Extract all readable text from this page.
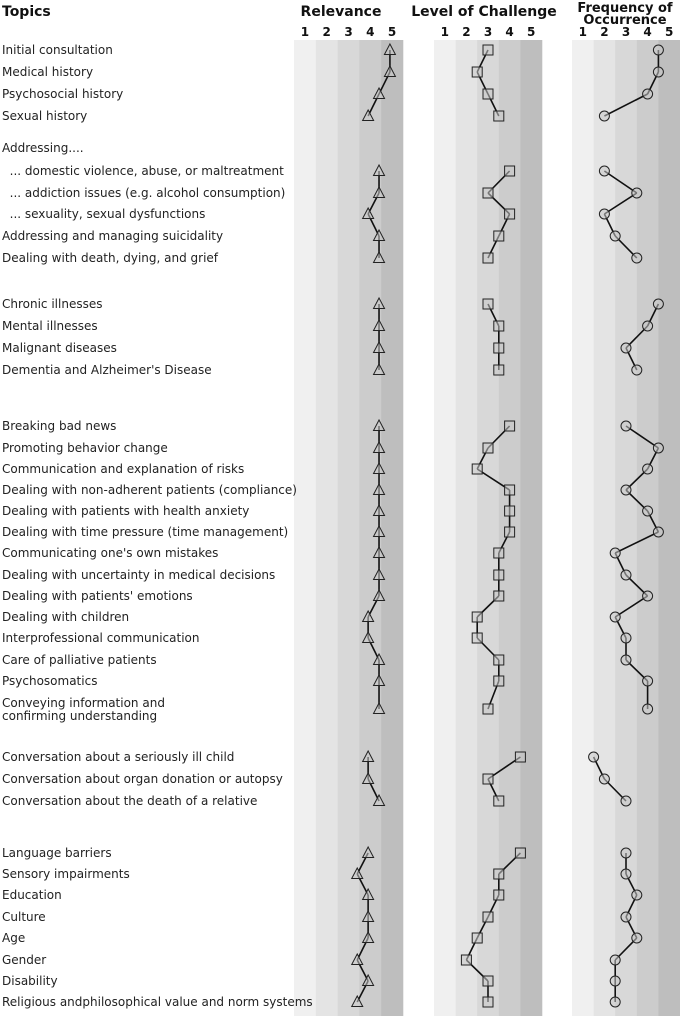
Topics	Relevance Level of Challenge Frequency of
Occurrence
1 2 3 4 5	1 2 3 4 5	1 2 3 4 5
Initial consultation
Medical history
Psychosocial history
Sexual history
Addressing....
... domestic violence, abuse, or maltreatment
... addiction issues (e.g. alcohol consumption)
... sexuality, sexual dysfunctions
Addressing and managing suicidality
Dealing with death, dying, and grief
Chronic illnesses
Mental illnesses
Malignant diseases
Dementia and Alzheimer's Disease
Breaking bad news
Promoting behavior change
Communication and explanation of risks
Dealing with non-adherent patients (compliance)
Dealing with patients with health anxiety
Dealing with time pressure (time management)
Communicating one's own mistakes
Dealing with uncertainty in medical decisions
Dealing with patients' emotions
Dealing with children
Interprofessional communication
Care of palliative patients
Psychosomatics
Conveying information and
confirming understanding
Conversation about a seriously ill child
Conversation about organ donation or autopsy
Conversation about the death of a relative
Language barriers
Sensory impairments
Education
Culture
Age
Gender
Disability
Religious andphilosophical value and norm systems
